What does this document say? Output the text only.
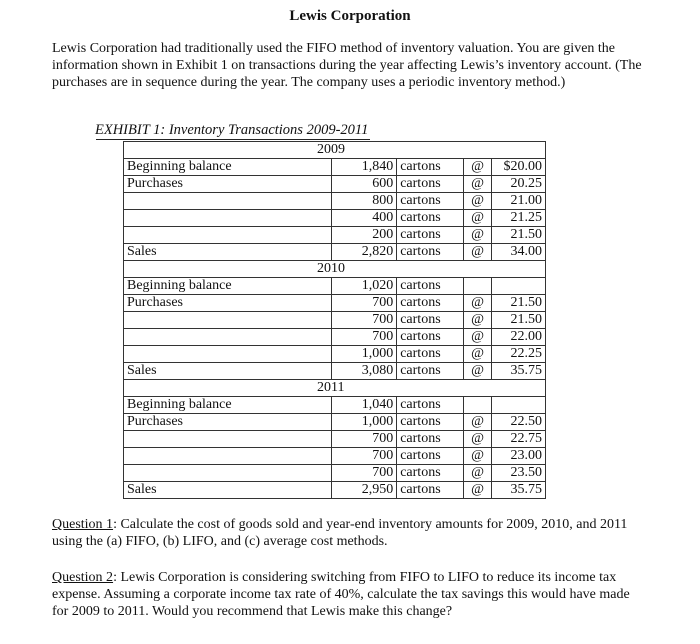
Lewis Corporation

Lewis Corporation had traditionally used the FIFO method of inventory valuation. You are given the information shown in Exhibit 1 on transactions during the year affecting Lewis’s inventory account. (The purchases are in sequence during the year. The company uses a periodic inventory method.)

EXHIBIT 1: Inventory Transactions 2009-2011
2009				
Beginning balance	1,840	cartons	@	$20.00
Purchases	600	cartons	@	20.25
	800	cartons	@	21.00
	400	cartons	@	21.25
	200	cartons	@	21.50
Sales	2,820	cartons	@	34.00
2010				
Beginning balance	1,020	cartons		
Purchases	700	cartons	@	21.50
	700	cartons	@	21.50
	700	cartons	@	22.00
	1,000	cartons	@	22.25
Sales	3,080	cartons	@	35.75
2011				
Beginning balance	1,040	cartons		
Purchases	1,000	cartons	@	22.50
	700	cartons	@	22.75
	700	cartons	@	23.00
	700	cartons	@	23.50
Sales	2,950	cartons	@	35.75

Question 1: Calculate the cost of goods sold and year-end inventory amounts for 2009, 2010, and 2011 using the (a) FIFO, (b) LIFO, and (c) average cost methods.

Question 2: Lewis Corporation is considering switching from FIFO to LIFO to reduce its income tax expense. Assuming a corporate income tax rate of 40%, calculate the tax savings this would have made for 2009 to 2011. Would you recommend that Lewis make this change?
